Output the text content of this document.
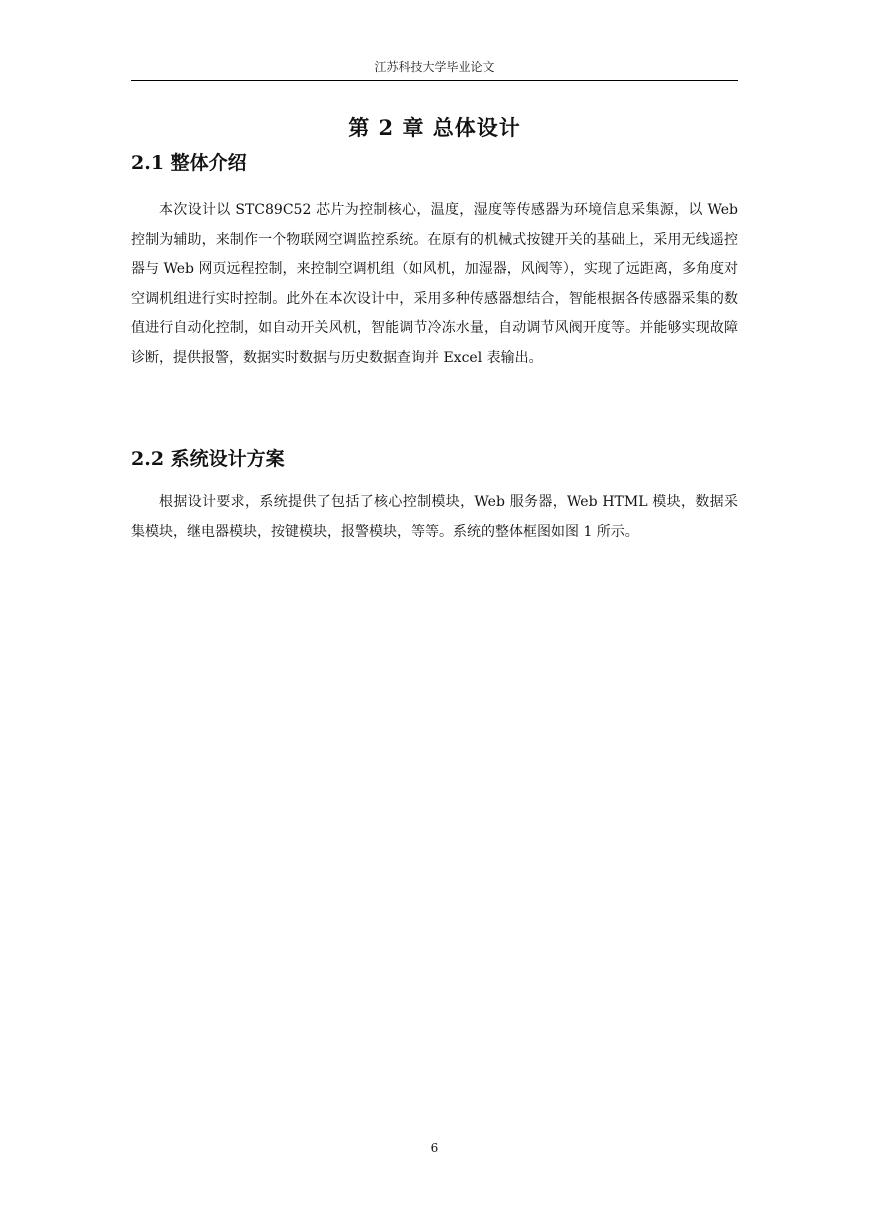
江苏科技大学毕业论文
第 2 章 总体设计
2.1 整体介绍

本次设计以 STC89C52 芯片为控制核心，温度，湿度等传感器为环境信息采集源，以 Web 控制为辅助，来制作一个物联网空调监控系统。在原有的机械式按键开关的基础上，采用无线遥控器与 Web 网页远程控制，来控制空调机组（如风机，加湿器，风阀等），实现了远距离，多角度对空调机组进行实时控制。此外在本次设计中，采用多种传感器想结合，智能根据各传感器采集的数值进行自动化控制，如自动开关风机，智能调节冷冻水量，自动调节风阀开度等。并能够实现故障诊断，提供报警，数据实时数据与历史数据查询并 Excel 表输出。

2.2 系统设计方案

根据设计要求，系统提供了包括了核心控制模块，Web 服务器，Web HTML 模块，数据采集模块，继电器模块，按键模块，报警模块，等等。系统的整体框图如图 1 所示。

6
